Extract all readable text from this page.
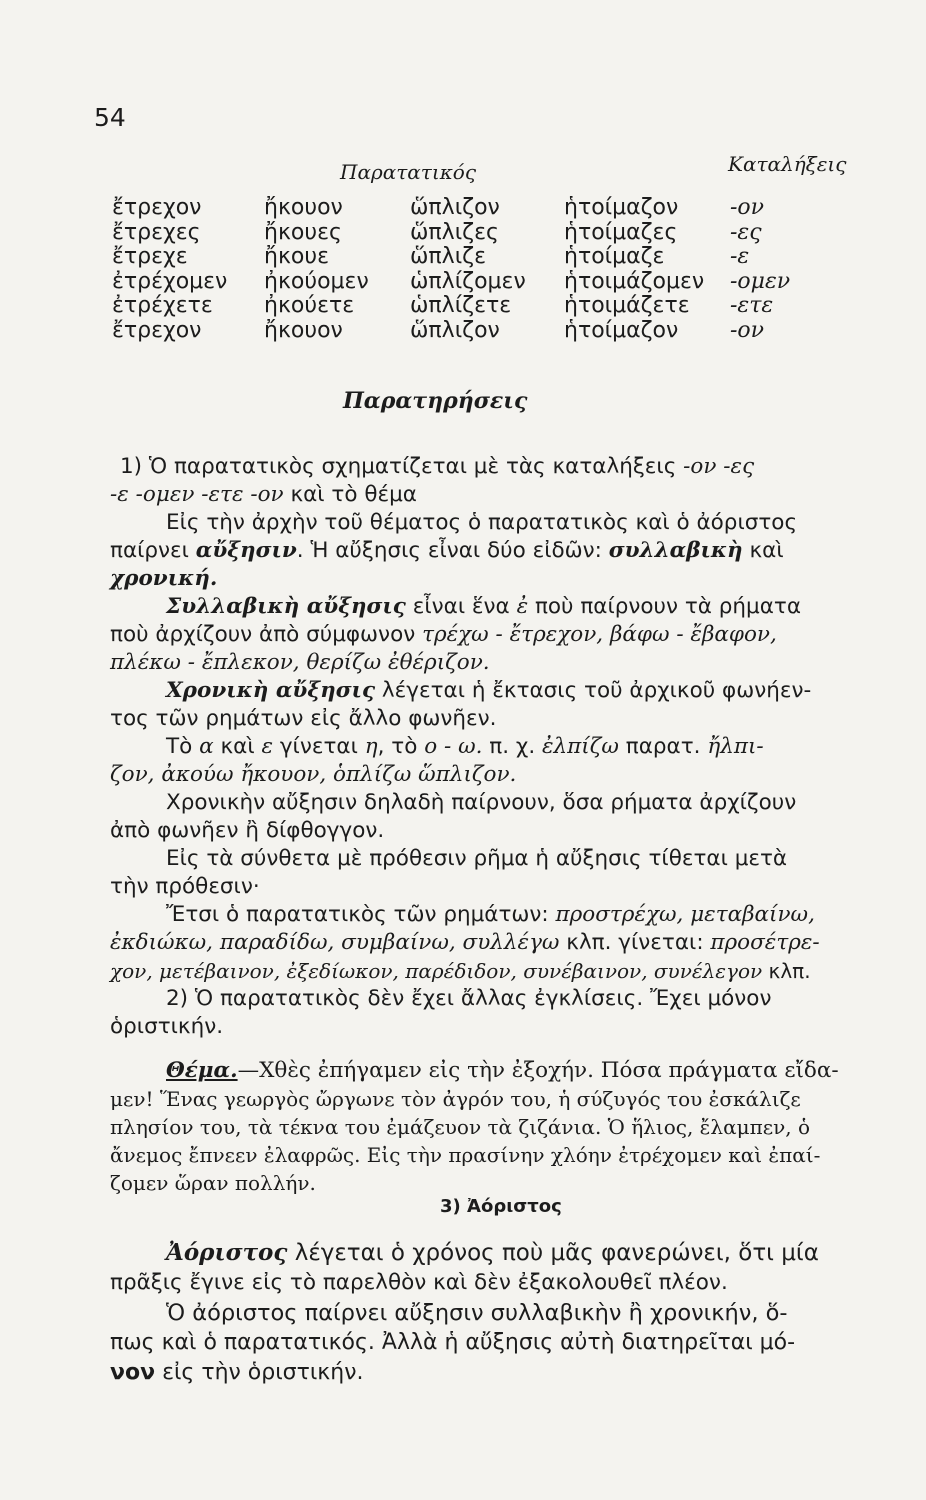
54
Παρατατικός	Καταλήξεις
ἔτρεχον	ἤκουον	ὥπλιζον	ἡτοίμαζον -ον
ἔτρεχες	ἤκουες	ὥπλιζες	ἡτοίμαζες -ες
ἔτρεχε	ἤκουε	ὥπλιζε	ἡτοίμαζε	-ε
ἐτρέχομεν ἠκούομεν ὡπλίζομεν ἡτοιμάζομεν -ομεν
ἐτρέχετε ἠκούετε	ὡπλίζετε ἡτοιμάζετε -ετε
ἔτρεχον	ἤκουον	ὥπλιζον	ἡτοίμαζον -ον
Παρατηρήσεις
1) Ὁ παρατατικὸς σχηματίζεται μὲ τὰς καταλήξεις -ον -ες
-ε -ομεν -ετε -ον καὶ τὸ θέμα
Εἰς τὴν ἀρχὴν τοῦ θέματος ὁ παρατατικὸς καὶ ὁ ἀόριστος
παίρνει αὔξησιν. Ἡ αὔξησις εἶναι δύο εἰδῶν: συλλαβικὴ καὶ
χρονική.
Συλλαβικὴ αὔξησις εἶναι ἕνα ἐ ποὺ παίρνουν τὰ ρήματα
ποὺ ἀρχίζουν ἀπὸ σύμφωνον τρέχω - ἔτρεχον, βάφω - ἔβαφον,
πλέκω - ἔπλεκον, θερίζω ἐθέριζον.
Χρονικὴ αὔξησις λέγεται ἡ ἔκτασις τοῦ ἀρχικοῦ φωνήεν-
τος τῶν ρημάτων εἰς ἄλλο φωνῆεν.
Τὸ α καὶ ε γίνεται η, τὸ ο - ω. π. χ. ἐλπίζω παρατ. ἤλπι-
ζον, ἀκούω ἤκουον, ὁπλίζω ὥπλιζον.
Χρονικὴν αὔξησιν δηλαδὴ παίρνουν, ὅσα ρήματα ἀρχίζουν
ἀπὸ φωνῆεν ἢ δίφθογγον.
Εἰς τὰ σύνθετα μὲ πρόθεσιν ρῆμα ἡ αὔξησις τίθεται μετὰ
τὴν πρόθεσιν·
Ἔτσι ὁ παρατατικὸς τῶν ρημάτων: προστρέχω, μεταβαίνω,
ἐκδιώκω, παραδίδω, συμβαίνω, συλλέγω κλπ. γίνεται: προσέτρε-
χον, μετέβαινον, ἐξεδίωκον, παρέδιδον, συνέβαινον, συνέλεγον κλπ.
2) Ὁ παρατατικὸς δὲν ἔχει ἄλλας ἐγκλίσεις. Ἔχει μόνον
ὁριστικήν.
Θέμα.—Χθὲς ἐπήγαμεν εἰς τὴν ἐξοχήν. Πόσα πράγματα εἴδα-
μεν! Ἕνας γεωργὸς ὤργωνε τὸν ἀγρόν του, ἡ σύζυγός του ἐσκάλιζε
πλησίον του, τὰ τέκνα του ἐμάζευον τὰ ζιζάνια. Ὁ ἥλιος, ἔλαμπεν, ὁ
ἄνεμος ἔπνεεν ἐλαφρῶς. Εἰς τὴν πρασίνην χλόην ἐτρέχομεν καὶ ἐπαί-
ζομεν ὥραν πολλήν.
3) Ἀόριστος
Ἀόριστος λέγεται ὁ χρόνος ποὺ μᾶς φανερώνει, ὅτι μία
πρᾶξις ἔγινε εἰς τὸ παρελθὸν καὶ δὲν ἐξακολουθεῖ πλέον.
Ὁ ἀόριστος παίρνει αὔξησιν συλλαβικὴν ἢ χρονικήν, ὅ-
πως καὶ ὁ παρατατικός. Ἀλλὰ ἡ αὔξησις αὐτὴ διατηρεῖται μό-
νον εἰς τὴν ὁριστικήν.
